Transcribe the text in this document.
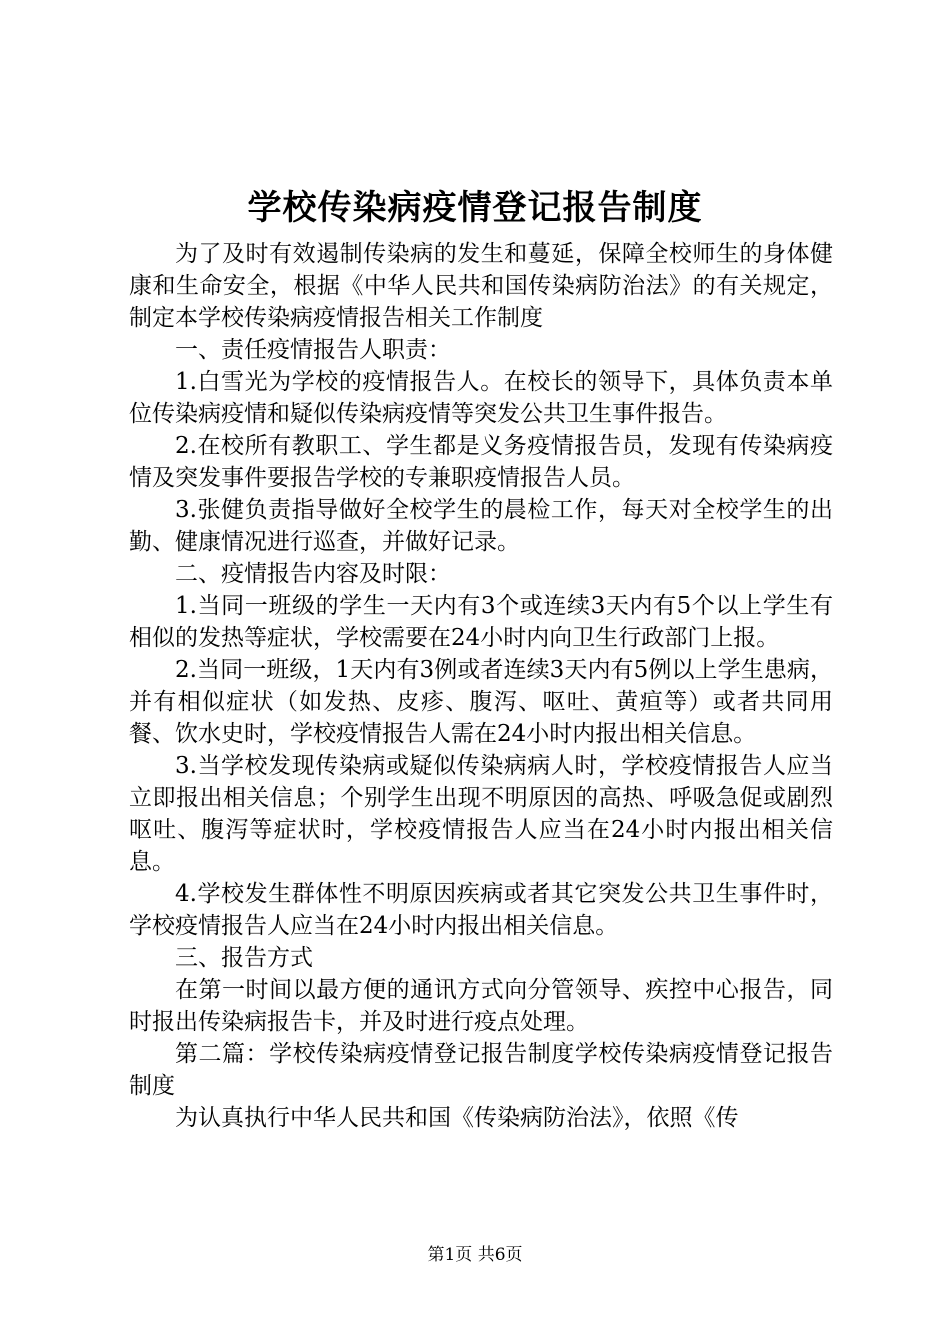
学校传染病疫情登记报告制度

为了及时有效遏制传染病的发生和蔓延，保障全校师生的身体健康和生命安全，根据《中华人民共和国传染病防治法》的有关规定，制定本学校传染病疫情报告相关工作制度

一、责任疫情报告人职责：

1.白雪光为学校的疫情报告人。在校长的领导下，具体负责本单位传染病疫情和疑似传染病疫情等突发公共卫生事件报告。

2.在校所有教职工、学生都是义务疫情报告员，发现有传染病疫情及突发事件要报告学校的专兼职疫情报告人员。

3.张健负责指导做好全校学生的晨检工作，每天对全校学生的出勤、健康情况进行巡查，并做好记录。

二、疫情报告内容及时限：

1.当同一班级的学生一天内有3个或连续3天内有5个以上学生有相似的发热等症状，学校需要在24小时内向卫生行政部门上报。

2.当同一班级，1天内有3例或者连续3天内有5例以上学生患病，并有相似症状（如发热、皮疹、腹泻、呕吐、黄疸等）或者共同用餐、饮水史时，学校疫情报告人需在24小时内报出相关信息。

3.当学校发现传染病或疑似传染病病人时，学校疫情报告人应当立即报出相关信息；个别学生出现不明原因的高热、呼吸急促或剧烈呕吐、腹泻等症状时，学校疫情报告人应当在24小时内报出相关信息。

4.学校发生群体性不明原因疾病或者其它突发公共卫生事件时，学校疫情报告人应当在24小时内报出相关信息。

三、报告方式

在第一时间以最方便的通讯方式向分管领导、疾控中心报告，同时报出传染病报告卡，并及时进行疫点处理。

第二篇：学校传染病疫情登记报告制度学校传染病疫情登记报告制度

为认真执行中华人民共和国《传染病防治法》，依照《传

第1页 共6页
